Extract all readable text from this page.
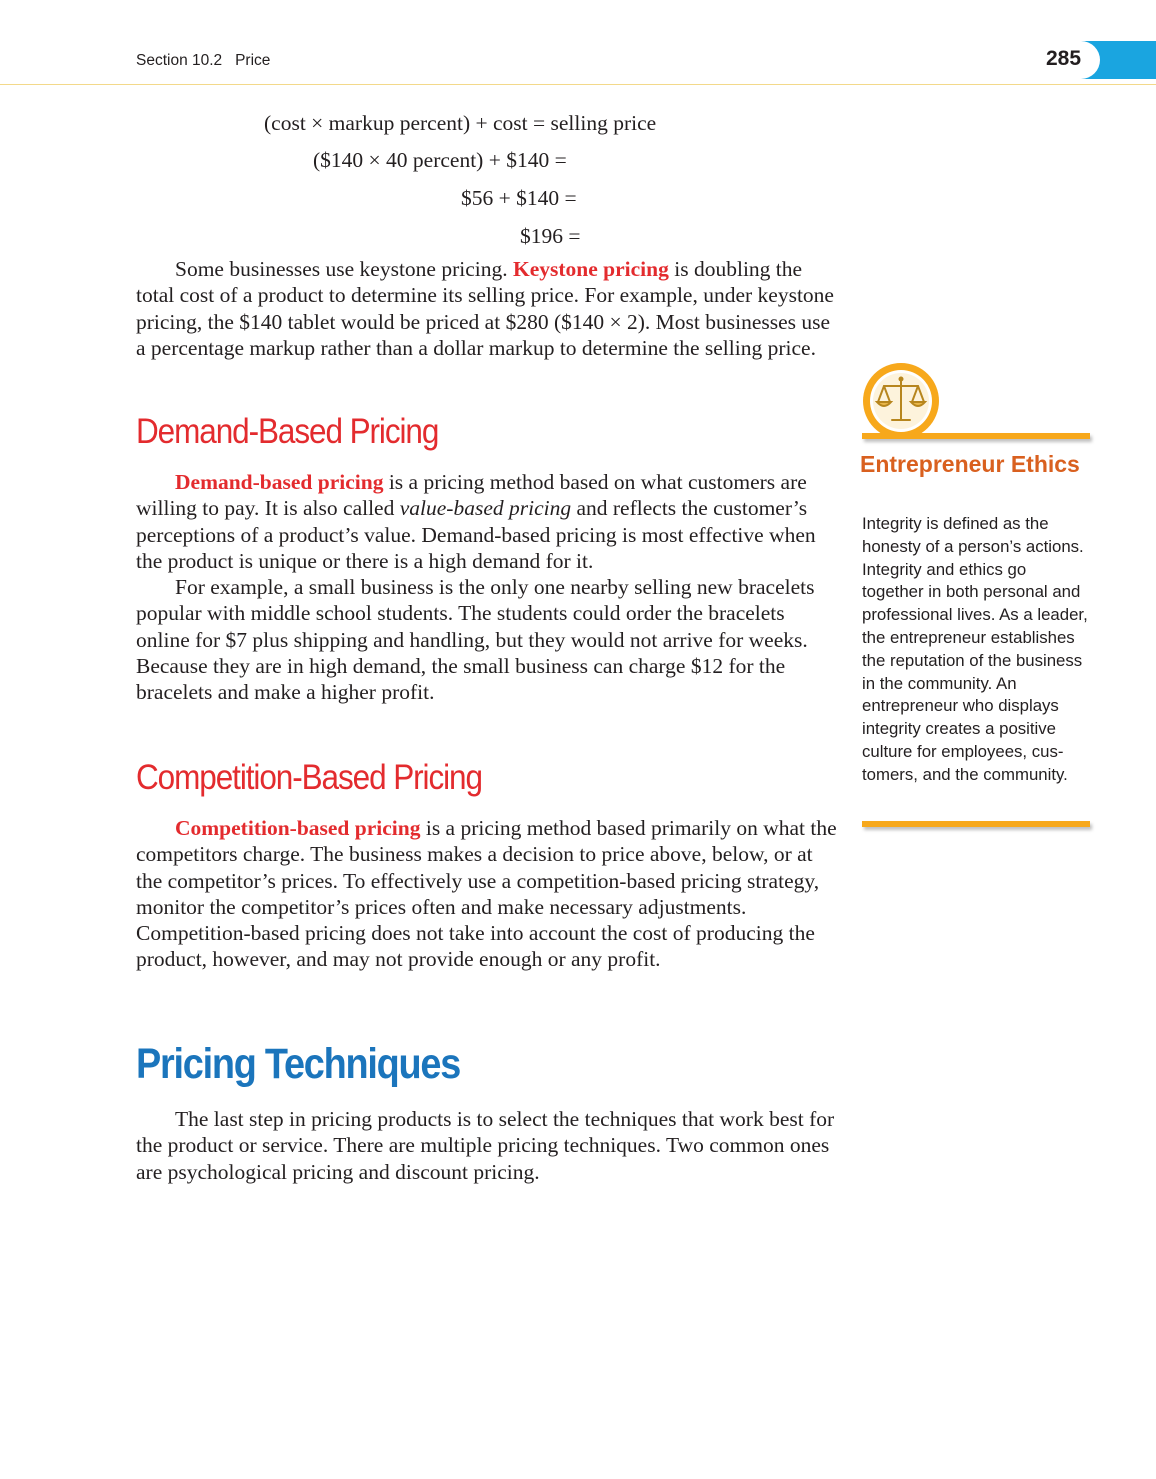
Section 10.2   Price	285
(cost × markup percent) + cost = selling price
($140 × 40 percent) + $140 =
$56 + $140 =
$196 =

Some businesses use keystone pricing. Keystone pricing is doubling the total cost of a product to determine its selling price. For example, under keystone pricing, the $140 tablet would be priced at $280 ($140 × 2). Most businesses use a percentage markup rather than a dollar markup to determine the selling price.

Demand-Based Pricing

Demand-based pricing is a pricing method based on what customers are willing to pay. It is also called value-based pricing and reflects the customer’s perceptions of a product’s value. Demand-based pricing is most effective when the product is unique or there is a high demand for it.

For example, a small business is the only one nearby selling new bracelets popular with middle school students. The students could order the bracelets online for $7 plus shipping and handling, but they would not arrive for weeks. Because they are in high demand, the small business can charge $12 for the bracelets and make a higher profit.

Competition-Based Pricing

Competition-based pricing is a pricing method based primarily on what the competitors charge. The business makes a decision to price above, below, or at the competitor’s prices. To effectively use a competition-based pricing strategy, monitor the competitor’s prices often and make necessary adjustments. Competition-based pricing does not take into account the cost of producing the product, however, and may not provide enough or any profit.

Pricing Techniques

The last step in pricing products is to select the techniques that work best for the product or service. There are multiple pricing techniques. Two common ones are psychological pricing and discount pricing.

Entrepreneur Ethics
Integrity is defined as the honesty of a person’s actions. Integrity and ethics go together in both personal and professional lives. As a leader, the entrepreneur establishes the reputation of the business in the community. An entrepreneur who displays integrity creates a positive culture for employees, customers, and the community.
